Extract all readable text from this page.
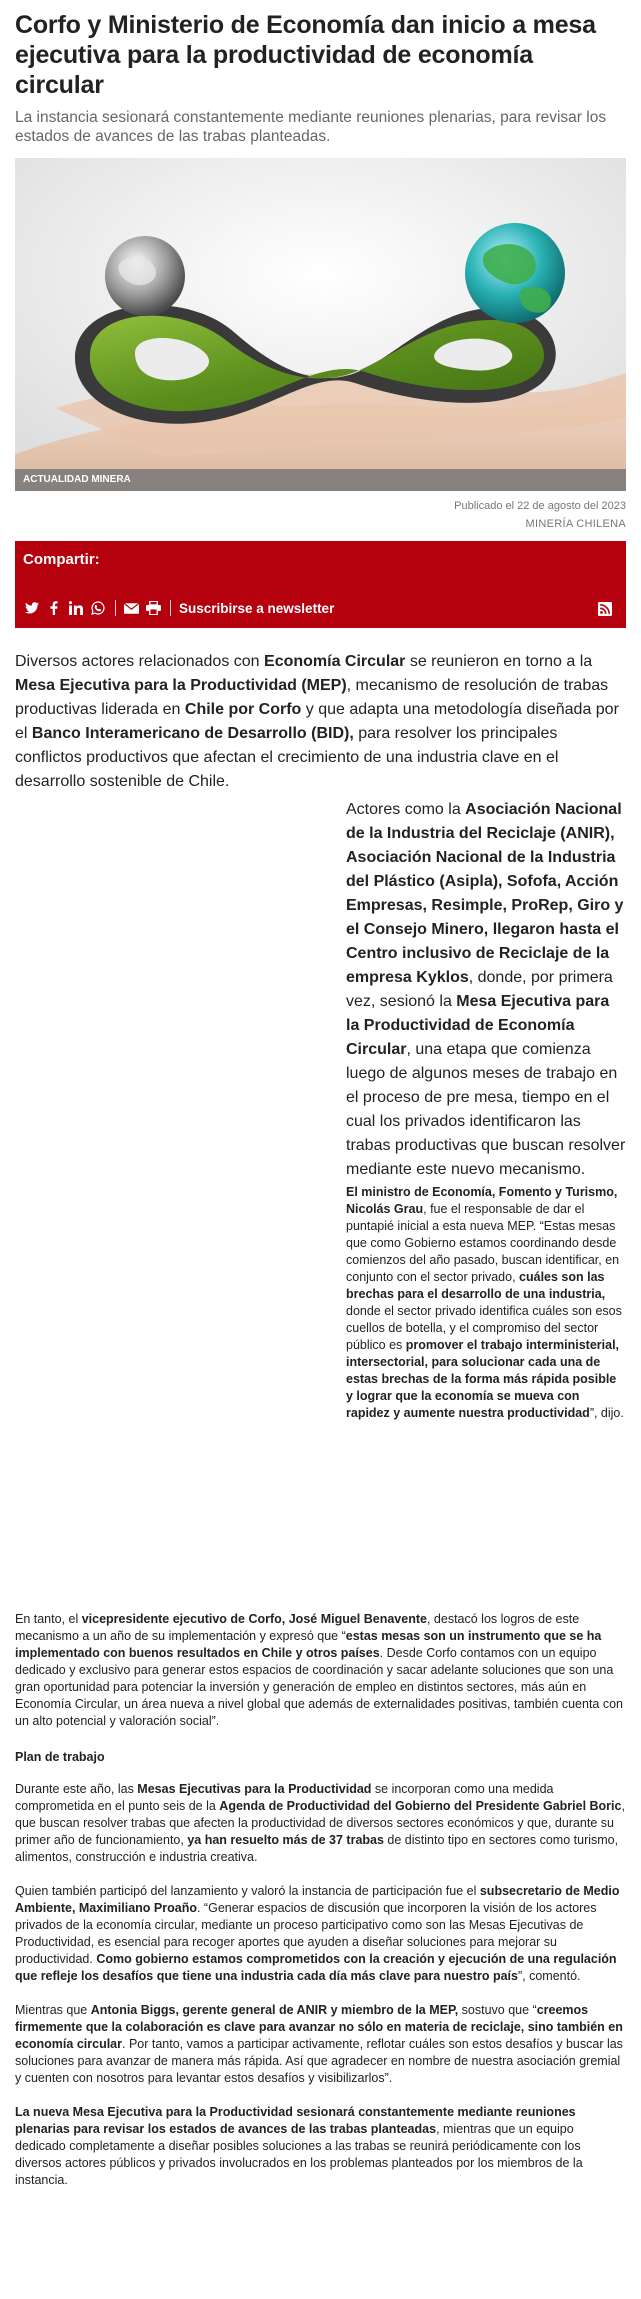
Corfo y Ministerio de Economía dan inicio a mesa ejecutiva para la productividad de economía circular

La instancia sesionará constantemente mediante reuniones plenarias, para revisar los estados de avances de las trabas planteadas.

ACTUALIDAD MINERA
Publicado el 22 de agosto del 2023
MINERÍA CHILENA
Compartir:
Suscribirse a newsletter

Diversos actores relacionados con Economía Circular se reunieron en torno a la Mesa Ejecutiva para la Productividad (MEP), mecanismo de resolución de trabas productivas liderada en Chile por Corfo y que adapta una metodología diseñada por el Banco Interamericano de Desarrollo (BID), para resolver los principales conflictos productivos que afectan el crecimiento de una industria clave en el desarrollo sostenible de Chile.

Actores como la Asociación Nacional de la Industria del Reciclaje (ANIR), Asociación Nacional de la Industria del Plástico (Asipla), Sofofa, Acción Empresas, Resimple, ProRep, Giro y el Consejo Minero, llegaron hasta el Centro inclusivo de Reciclaje de la empresa Kyklos, donde, por primera vez, sesionó la Mesa Ejecutiva para la Productividad de Economía Circular, una etapa que comienza luego de algunos meses de trabajo en el proceso de pre mesa, tiempo en el cual los privados identificaron las trabas productivas que buscan resolver mediante este nuevo mecanismo.

El ministro de Economía, Fomento y Turismo, Nicolás Grau, fue el responsable de dar el puntapié inicial a esta nueva MEP. “Estas mesas que como Gobierno estamos coordinando desde comienzos del año pasado, buscan identificar, en conjunto con el sector privado, cuáles son las brechas para el desarrollo de una industria, donde el sector privado identifica cuáles son esos cuellos de botella, y el compromiso del sector público es promover el trabajo interministerial, intersectorial, para solucionar cada una de estas brechas de la forma más rápida posible y lograr que la economía se mueva con rapidez y aumente nuestra productividad”, dijo.

En tanto, el vicepresidente ejecutivo de Corfo, José Miguel Benavente, destacó los logros de este mecanismo a un año de su implementación y expresó que “estas mesas son un instrumento que se ha implementado con buenos resultados en Chile y otros países. Desde Corfo contamos con un equipo dedicado y exclusivo para generar estos espacios de coordinación y sacar adelante soluciones que son una gran oportunidad para potenciar la inversión y generación de empleo en distintos sectores, más aún en Economía Circular, un área nueva a nivel global que además de externalidades positivas, también cuenta con un alto potencial y valoración social”.

Plan de trabajo

Durante este año, las Mesas Ejecutivas para la Productividad se incorporan como una medida comprometida en el punto seis de la Agenda de Productividad del Gobierno del Presidente Gabriel Boric, que buscan resolver trabas que afecten la productividad de diversos sectores económicos y que, durante su primer año de funcionamiento, ya han resuelto más de 37 trabas de distinto tipo en sectores como turismo, alimentos, construcción e industria creativa.

Quien también participó del lanzamiento y valoró la instancia de participación fue el subsecretario de Medio Ambiente, Maximiliano Proaño. “Generar espacios de discusión que incorporen la visión de los actores privados de la economía circular, mediante un proceso participativo como son las Mesas Ejecutivas de Productividad, es esencial para recoger aportes que ayuden a diseñar soluciones para mejorar su productividad. Como gobierno estamos comprometidos con la creación y ejecución de una regulación que refleje los desafíos que tiene una industria cada día más clave para nuestro país”, comentó.

Mientras que Antonia Biggs, gerente general de ANIR y miembro de la MEP, sostuvo que “creemos firmemente que la colaboración es clave para avanzar no sólo en materia de reciclaje, sino también en economía circular. Por tanto, vamos a participar activamente, reflotar cuáles son estos desafíos y buscar las soluciones para avanzar de manera más rápida. Así que agradecer en nombre de nuestra asociación gremial y cuenten con nosotros para levantar estos desafíos y visibilizarlos”.

La nueva Mesa Ejecutiva para la Productividad sesionará constantemente mediante reuniones plenarias para revisar los estados de avances de las trabas planteadas, mientras que un equipo dedicado completamente a diseñar posibles soluciones a las trabas se reunirá periódicamente con los diversos actores públicos y privados involucrados en los problemas planteados por los miembros de la instancia.
